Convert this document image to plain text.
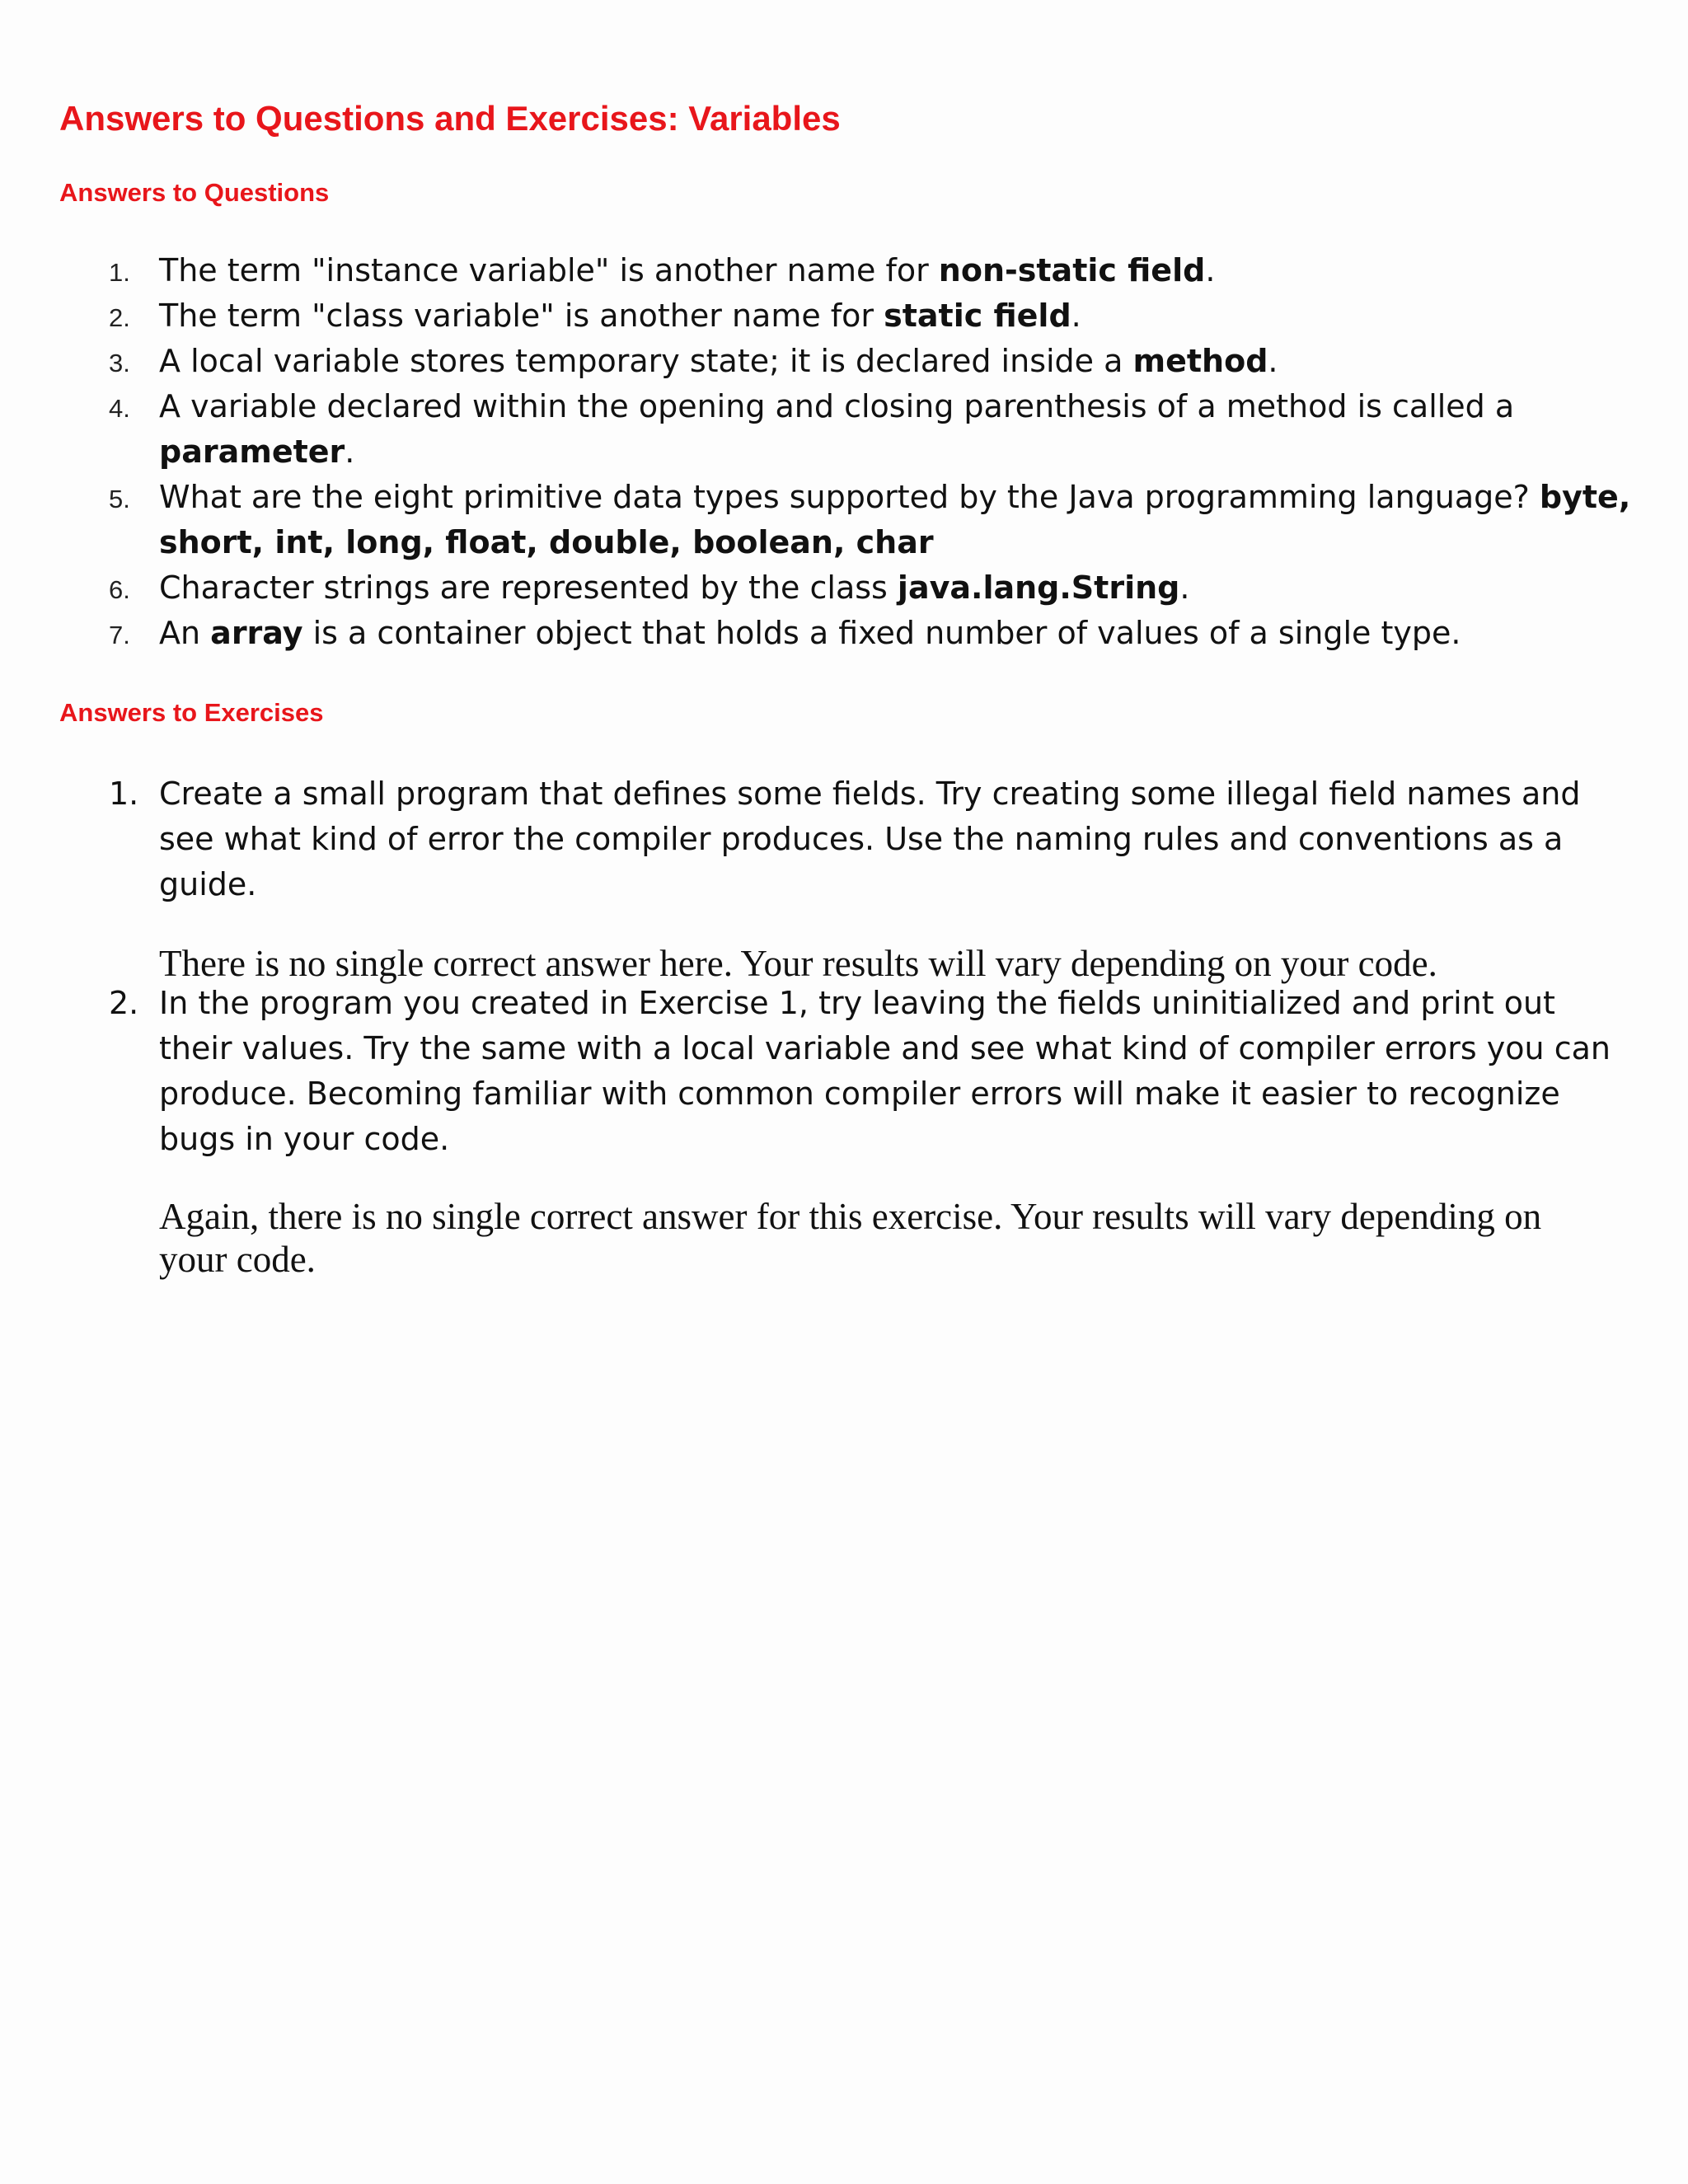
Answers to Questions and Exercises: Variables
Answers to Questions
1. The term "instance variable" is another name for non-static field.
2. The term "class variable" is another name for static field.
3. A local variable stores temporary state; it is declared inside a method.
4. A variable declared within the opening and closing parenthesis of a method is called a parameter.
5. What are the eight primitive data types supported by the Java programming language? byte, short, int, long, float, double, boolean, char
6. Character strings are represented by the class java.lang.String.
7. An array is a container object that holds a fixed number of values of a single type.
Answers to Exercises
1. Create a small program that defines some fields. Try creating some illegal field names and see what kind of error the compiler produces. Use the naming rules and conventions as a guide.

There is no single correct answer here. Your results will vary depending on your code.

2. In the program you created in Exercise 1, try leaving the fields uninitialized and print out their values. Try the same with a local variable and see what kind of compiler errors you can produce. Becoming familiar with common compiler errors will make it easier to recognize bugs in your code.

Again, there is no single correct answer for this exercise. Your results will vary depending on your code.
